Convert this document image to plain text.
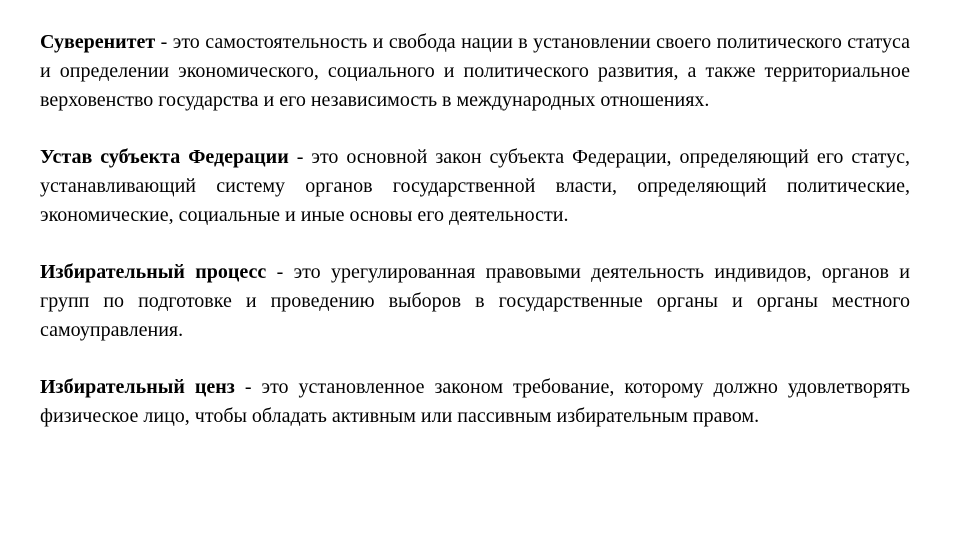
Суверенитет - это самостоятельность и свобода нации в установлении своего политического статуса и определении экономического, социального и политического развития, а также территориальное верховенство государства и его независимость в международных отношениях.

Устав субъекта Федерации - это основной закон субъекта Федерации, определяющий его статус, устанавливающий систему органов государственной власти, определяющий политические, экономические, социальные и иные основы его деятельности.

Избирательный процесс - это урегулированная правовыми деятельность индивидов, органов и групп по подготовке и проведению выборов в государственные органы и органы местного самоуправления.

Избирательный ценз - это установленное законом требование, которому должно удовлетворять физическое лицо, чтобы обладать активным или пассивным избирательным правом.
